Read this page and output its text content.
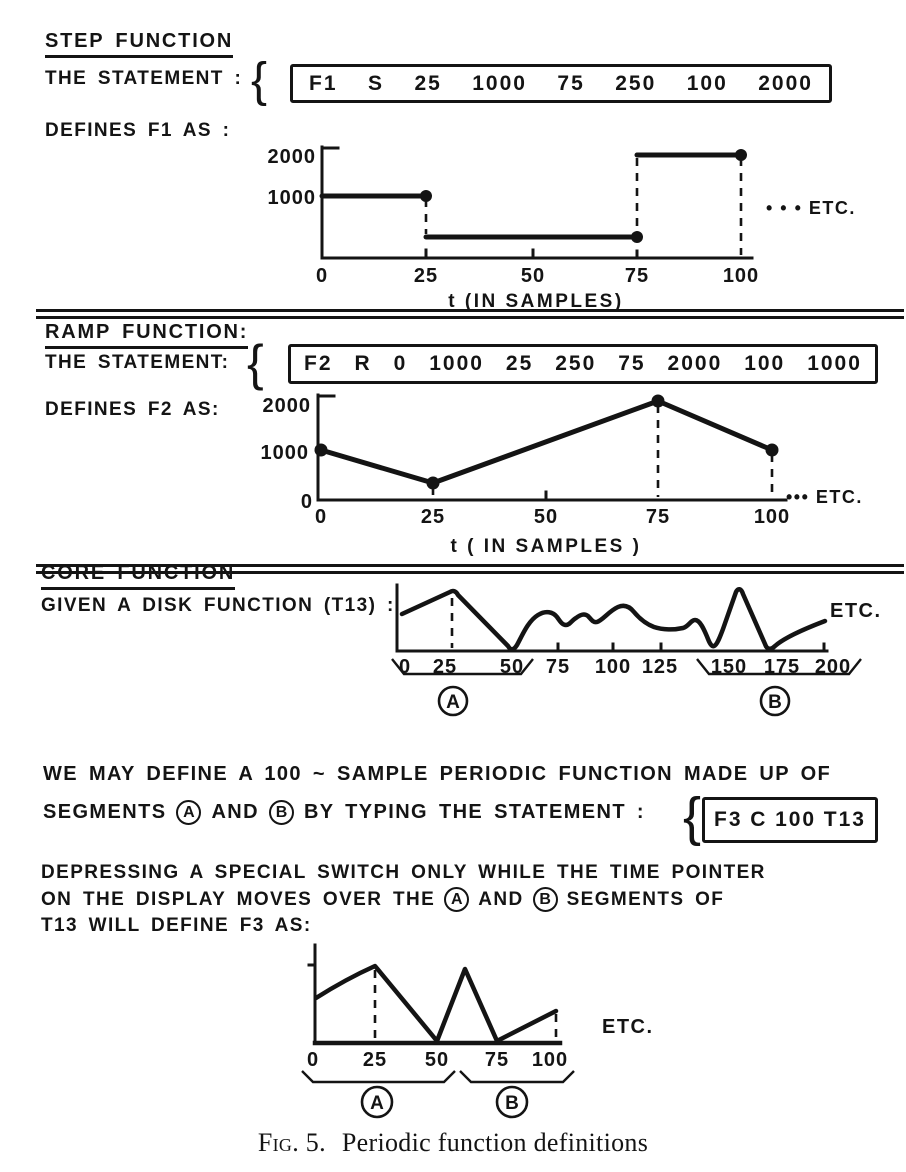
2000
1000
0	25	50	75	100
t (IN SAMPLES)
• • • ETC.
2000
1000
0
0	25	50	75	100
t ( IN SAMPLES )
••• ETC.
0 25 50 75 100 125 150 175 200
ETC.
A	B
0 25 50 75 100
A	B
ETC.
STEP FUNCTION
THE STATEMENT : { F1 S 25 1000 75 250 100 2000
DEFINES F1 AS :
RAMP FUNCTION:
THE STATEMENT: { F2 R 0 1000 25 250 75 2000 100 1000
DEFINES F2 AS:
CORE FUNCTION
GIVEN A DISK FUNCTION (T13) :
WE MAY DEFINE A 100 ~ SAMPLE PERIODIC FUNCTION MADE UP OF
SEGMENTS	A AND	B BY TYPING THE STATEMENT : { F3 C 100 T13
DEPRESSING A SPECIAL SWITCH ONLY WHILE THE TIME POINTER
ON THE DISPLAY MOVES OVER THE A AND B SEGMENTS OF
T13 WILL DEFINE F3 AS:
Fig. 5. Periodic function definitions
